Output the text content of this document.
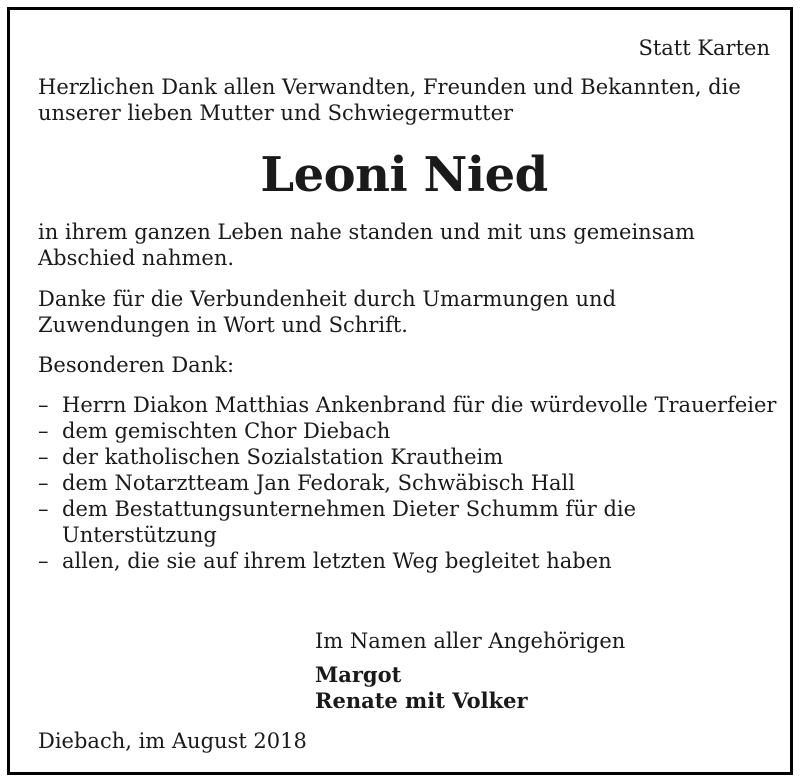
Statt Karten
Herzlichen Dank allen Verwandten, Freunden und Bekannten, die unserer lieben Mutter und Schwiegermutter
Leoni Nied
in ihrem ganzen Leben nahe standen und mit uns gemeinsam Abschied nahmen.
Danke für die Verbundenheit durch Umarmungen und Zuwendungen in Wort und Schrift.
Besonderen Dank:
– Herrn Diakon Matthias Ankenbrand für die würdevolle Trauerfeier
– dem gemischten Chor Diebach
– der katholischen Sozialstation Krautheim
– dem Notarztteam Jan Fedorak, Schwäbisch Hall
– dem Bestattungsunternehmen Dieter Schumm für die Unterstützung
– allen, die sie auf ihrem letzten Weg begleitet haben
Im Namen aller Angehörigen
Margot
Renate mit Volker
Diebach, im August 2018
